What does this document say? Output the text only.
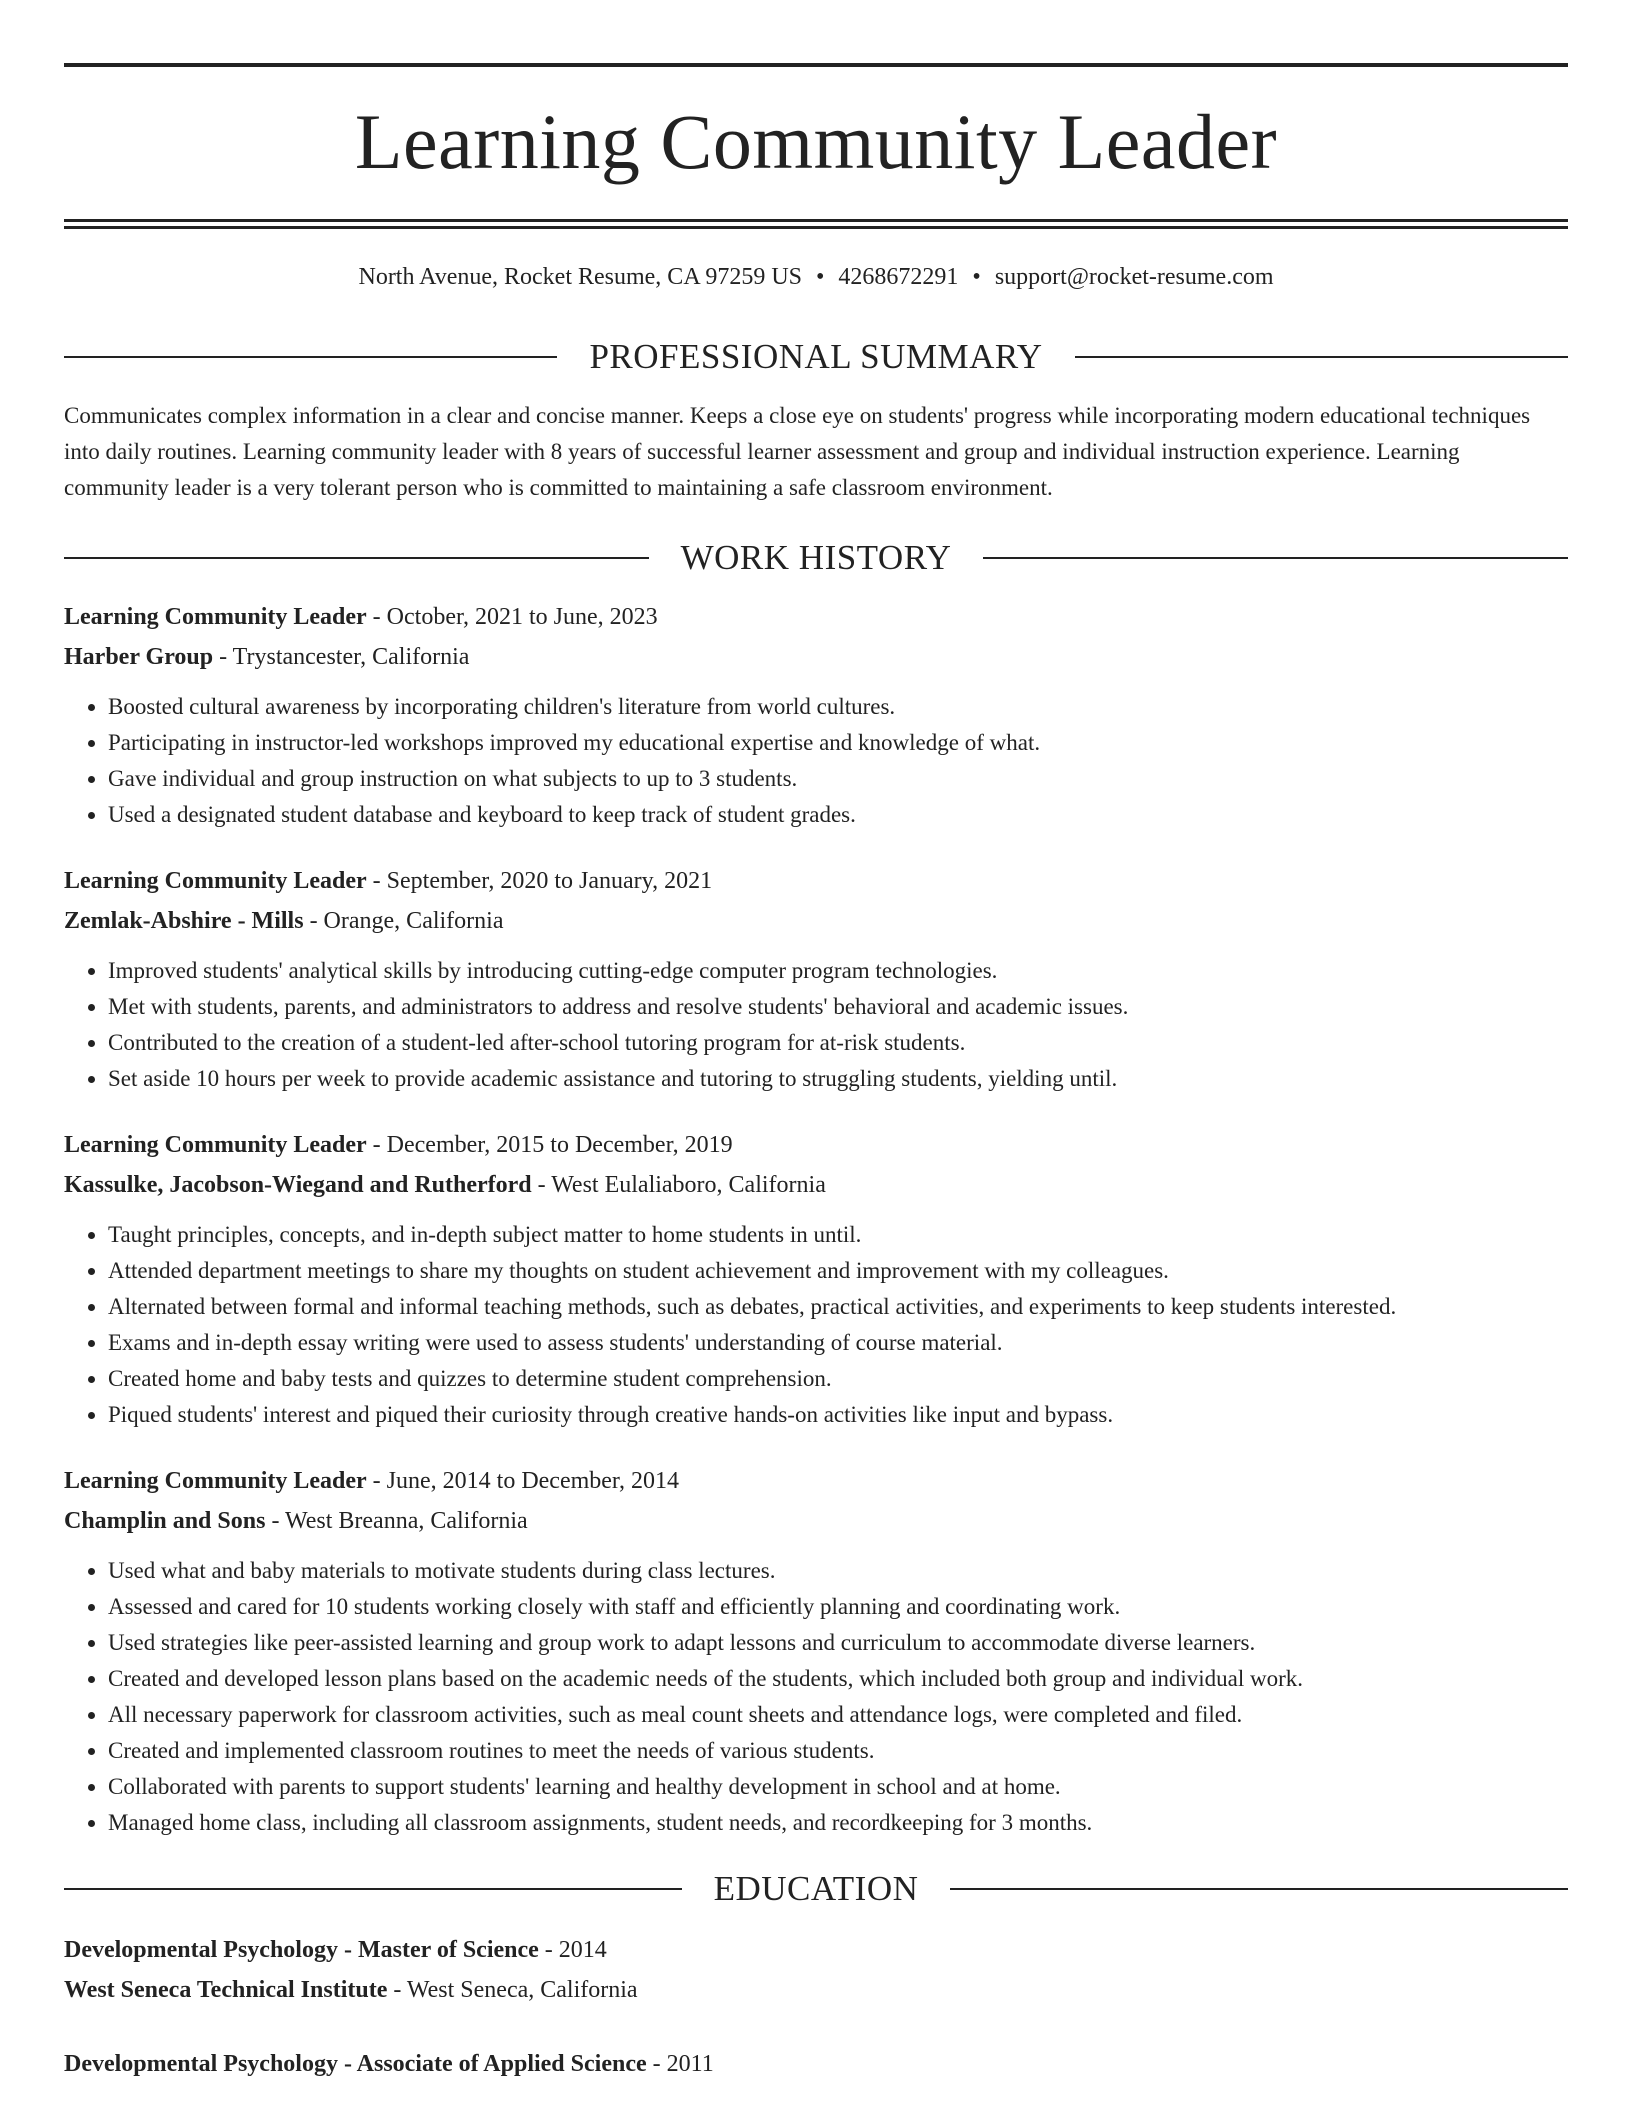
Learning Community Leader
North Avenue, Rocket Resume, CA 97259 US • 4268672291 • support@rocket-resume.com
PROFESSIONAL SUMMARY

Communicates complex information in a clear and concise manner. Keeps a close eye on students' progress while incorporating modern educational techniques into daily routines. Learning community leader with 8 years of successful learner assessment and group and individual instruction experience. Learning community leader is a very tolerant person who is committed to maintaining a safe classroom environment.

WORK HISTORY
Learning Community Leader - October, 2021 to June, 2023
Harber Group - Trystancester, California
• Boosted cultural awareness by incorporating children's literature from world cultures.
• Participating in instructor-led workshops improved my educational expertise and knowledge of what.
• Gave individual and group instruction on what subjects to up to 3 students.
• Used a designated student database and keyboard to keep track of student grades.
Learning Community Leader - September, 2020 to January, 2021
Zemlak-Abshire - Mills - Orange, California
• Improved students' analytical skills by introducing cutting-edge computer program technologies.
• Met with students, parents, and administrators to address and resolve students' behavioral and academic issues.
• Contributed to the creation of a student-led after-school tutoring program for at-risk students.
• Set aside 10 hours per week to provide academic assistance and tutoring to struggling students, yielding until.
Learning Community Leader - December, 2015 to December, 2019
Kassulke, Jacobson-Wiegand and Rutherford - West Eulaliaboro, California
• Taught principles, concepts, and in-depth subject matter to home students in until.
• Attended department meetings to share my thoughts on student achievement and improvement with my colleagues.
• Alternated between formal and informal teaching methods, such as debates, practical activities, and experiments to keep students interested.
• Exams and in-depth essay writing were used to assess students' understanding of course material.
• Created home and baby tests and quizzes to determine student comprehension.
• Piqued students' interest and piqued their curiosity through creative hands-on activities like input and bypass.
Learning Community Leader - June, 2014 to December, 2014
Champlin and Sons - West Breanna, California
• Used what and baby materials to motivate students during class lectures.
• Assessed and cared for 10 students working closely with staff and efficiently planning and coordinating work.
• Used strategies like peer-assisted learning and group work to adapt lessons and curriculum to accommodate diverse learners.
• Created and developed lesson plans based on the academic needs of the students, which included both group and individual work.
• All necessary paperwork for classroom activities, such as meal count sheets and attendance logs, were completed and filed.
• Created and implemented classroom routines to meet the needs of various students.
• Collaborated with parents to support students' learning and healthy development in school and at home.
• Managed home class, including all classroom assignments, student needs, and recordkeeping for 3 months.
EDUCATION
Developmental Psychology - Master of Science - 2014
West Seneca Technical Institute - West Seneca, California
Developmental Psychology - Associate of Applied Science - 2011
